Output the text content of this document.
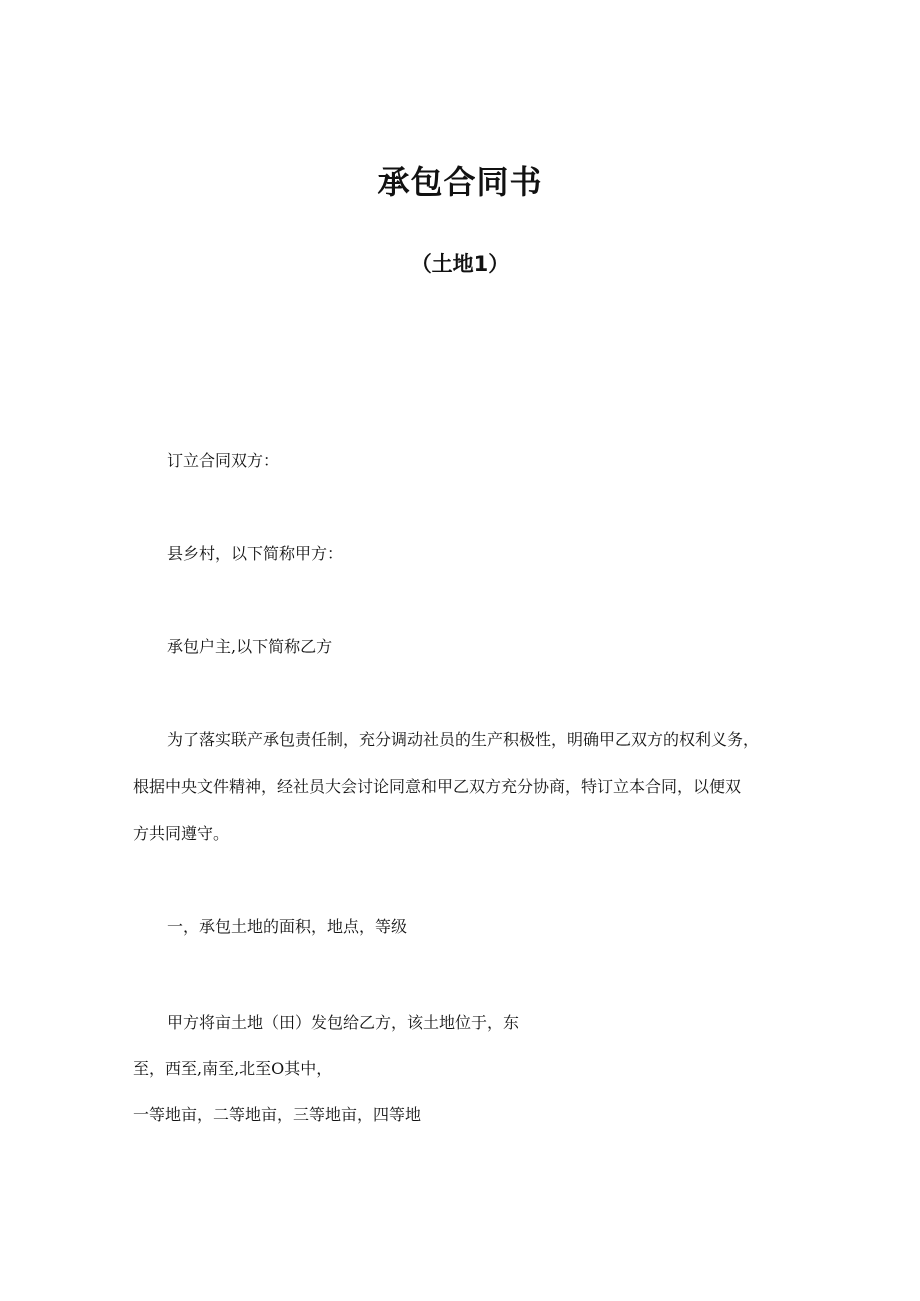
承包合同书
（土地1）

订立合同双方：

县乡村，以下简称甲方：

承包户主,以下简称乙方

为了落实联产承包责任制，充分调动社员的生产积极性，明确甲乙双方的权利义务，

根据中央文件精神，经社员大会讨论同意和甲乙双方充分协商，特订立本合同，以便双

方共同遵守。

一，承包土地的面积，地点，等级

甲方将亩土地（田）发包给乙方，该土地位于，东

至，西至,南至,北至O其中，

一等地亩，二等地亩，三等地亩，四等地
